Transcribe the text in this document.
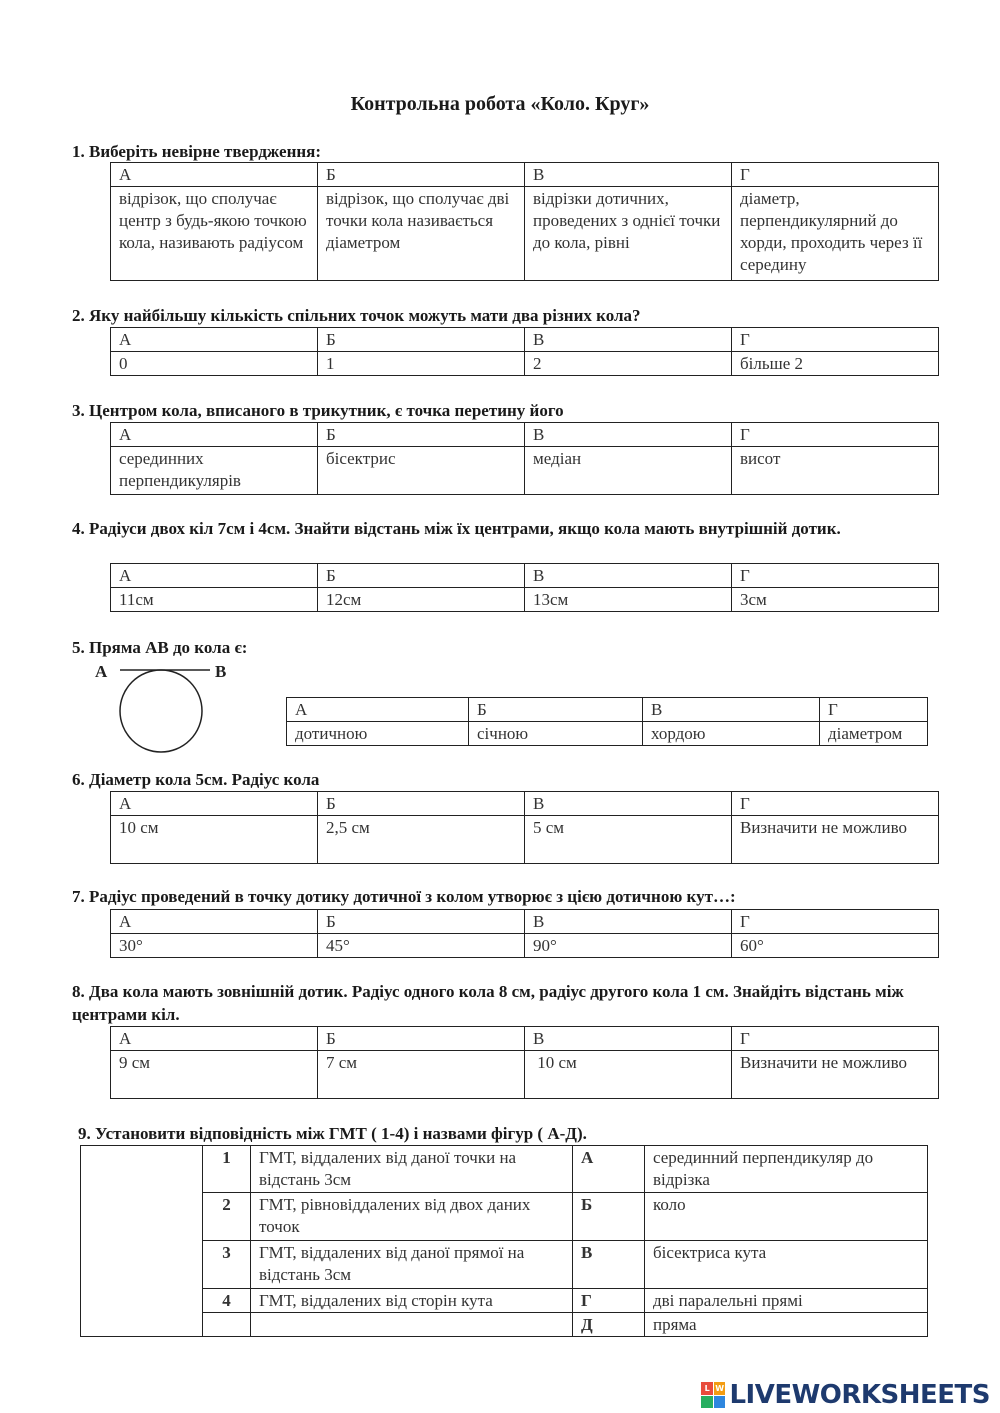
Контрольна робота «Коло. Круг»
1. Виберіть невірне твердження:
А	Б	В	Г
відрізок, що сполучає центр з будь-якою точкою кола, називають радіусом	відрізок, що сполучає дві точки кола називається діаметром	відрізки дотичних, проведених з однієї точки до кола, рівні	діаметр, перпендикулярний до хорди, проходить через її середину
2. Яку найбільшу кількість спільних точок можуть мати два різних кола?
А	Б	В	Г
0	1	2	більше 2
3. Центром кола, вписаного в трикутник, є точка перетину його
А	Б	В	Г
серединних перпендикулярів	бісектрис	медіан	висот
4. Радіуси двох кіл 7см і 4см. Знайти відстань між їх центрами, якщо кола мають внутрішній дотик.
А	Б	В	Г
11см	12см	13см	3см
5. Пряма АВ до кола є:
A	B
А	Б	В	Г
дотичною	січною	хордою	діаметром
6. Діаметр кола 5см. Радіус кола
А	Б	В	Г
10 см	2,5 см	5 см	Визначити не можливо
7. Радіус проведений в точку дотику дотичної з колом утворює з цією дотичною кут…:
А	Б	В	Г
30°	45°	90°	60°
8. Два кола мають зовнішній дотик. Радіус одного кола 8 см, радіус другого кола 1 см. Знайдіть відстань між центрами кіл.
А	Б	В	Г
9 см	7 см	10 см	Визначити не можливо
9. Установити відповідність між ГМТ ( 1-4) і назвами фігур ( А-Д).
	1	ГМТ, віддалених від даної точки на відстань 3см	А	серединний перпендикуляр до відрізка
	2	ГМТ, рівновіддалених від двох даних точок	Б	коло
	3	ГМТ, віддалених від даної прямої на відстань 3см	В	бісектриса кута
	4	ГМТ, віддалених від сторін кута	Г	дві паралельні прямі
			Д	пряма
L W LIVEWORKSHEETS
